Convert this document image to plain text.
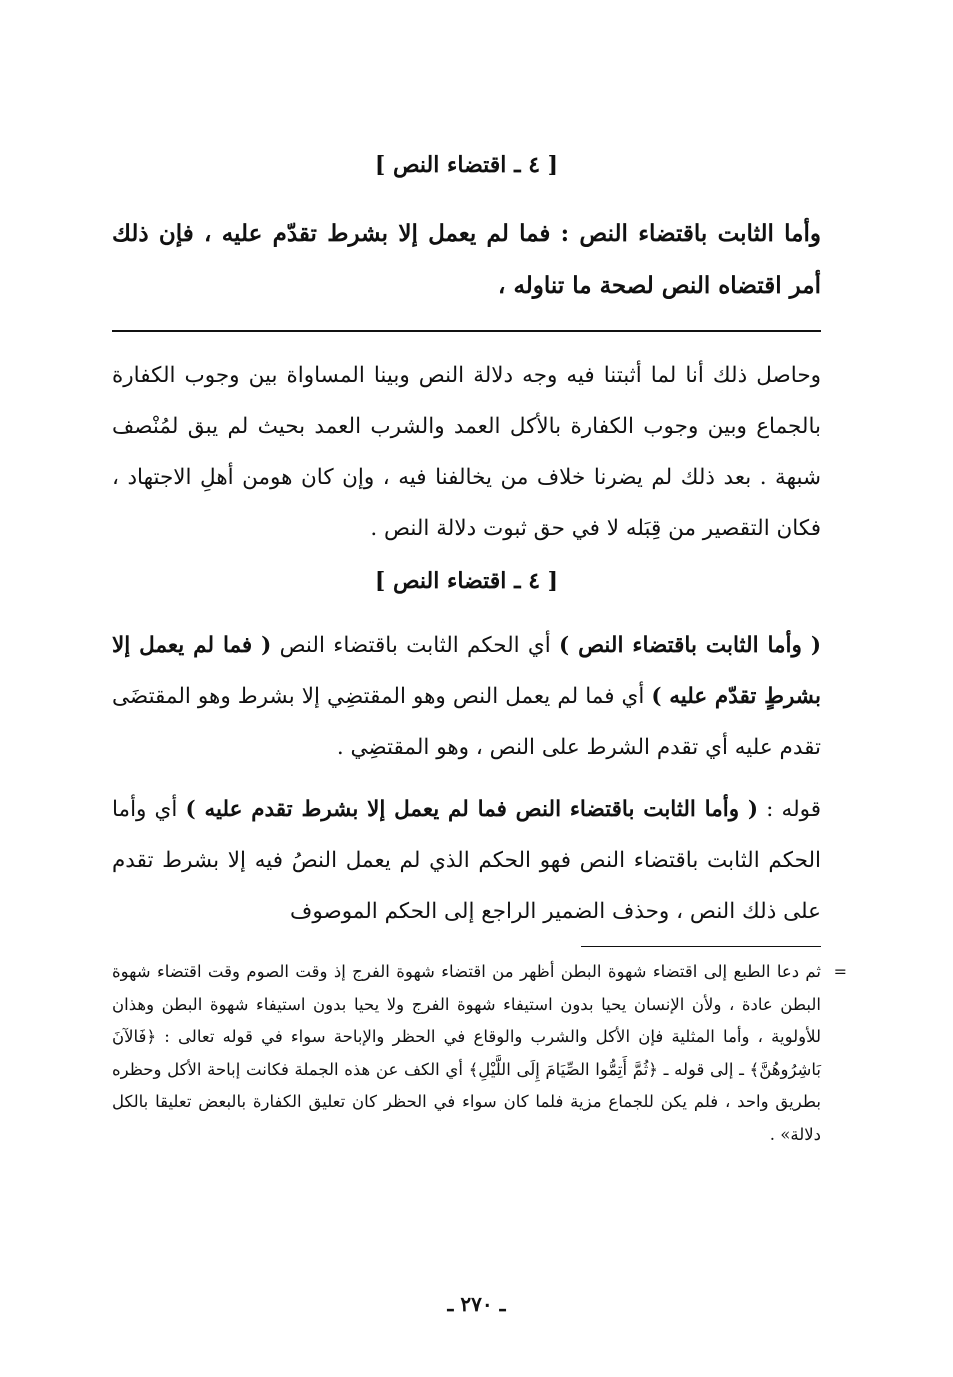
[ ٤ ـ اقتضاء النص ]

وأما الثابت باقتضاء النص : فما لم يعمل إلا بشرط تقدّم عليه ، فإن ذلك أمر اقتضاه النص لصحة ما تناوله ،

وحاصل ذلك أنا لما أثبتنا فيه وجه دلالة النص وبينا المساواة بين وجوب الكفارة بالجماع وبين وجوب الكفارة بالأكل العمد والشرب العمد بحيث لم يبق لمُنْصف شبهة . بعد ذلك لم يضرنا خلاف من يخالفنا فيه ، وإن كان هومن أهلِ الاجتهاد ، فكان التقصير من قِبَله لا في حق ثبوت دلالة النص .

[ ٤ ـ اقتضاء النص ]

( وأما الثابت باقتضاء النص ) أي الحكم الثابت باقتضاء النص ( فما لم يعمل إلا بشرطٍ تقدّم عليه ) أي فما لم يعمل النص وهو المقتضِي إلا بشرط وهو المقتضَى تقدم عليه أي تقدم الشرط على النص ، وهو المقتضِي .

قوله : ( وأما الثابت باقتضاء النص فما لم يعمل إلا بشرط تقدم عليه ) أي وأما الحكم الثابت باقتضاء النص فهو الحكم الذي لم يعمل النصُ فيه إلا بشرط تقدم على ذلك النص ، وحذف الضمير الراجع إلى الحكم الموصوف

=

ثم دعا الطبع إلى اقتضاء شهوة البطن أظهر من اقتضاء شهوة الفرج إذ وقت الصوم وقت اقتضاء شهوة البطن عادة ، ولأن الإنسان يحيا بدون استيفاء شهوة الفرج ولا يحيا بدون استيفاء شهوة البطن وهذان للأولوية ، وأما المثلية فإن الأكل والشرب والوقاع في الحظر والإباحة سواء في قوله تعالى : ﴿فَالآنَ بَاشِرُوهُنَّ﴾ ـ إلى قوله ـ ﴿ثُمَّ أَتِمُّوا الصِّيَامَ إِلَى اللَّيْلِ﴾ أي الكف عن هذه الجملة فكانت إباحة الأكل وحظره بطريق واحد ، فلم يكن للجماع مزية فلما كان سواء في الحظر كان تعليق الكفارة بالبعض تعليقا بالكل دلالة» .

ـ ٢٧٠ ـ
